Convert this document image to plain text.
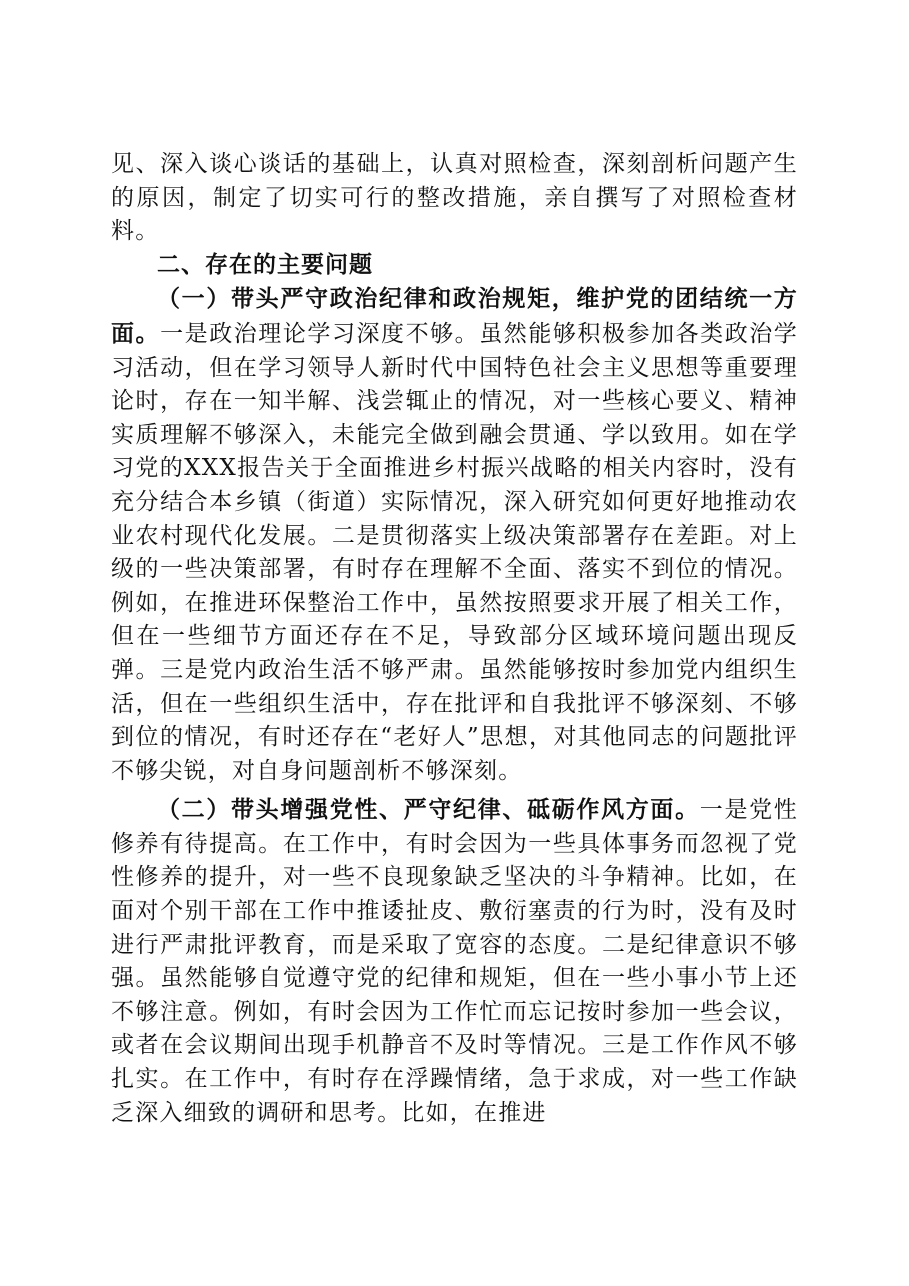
见、深入谈心谈话的基础上，认真对照检查，深刻剖析问题产生的原因，制定了切实可行的整改措施，亲自撰写了对照检查材料。

二、存在的主要问题

（一）带头严守政治纪律和政治规矩，维护党的团结统一方面。一是政治理论学习深度不够。虽然能够积极参加各类政治学习活动，但在学习领导人新时代中国特色社会主义思想等重要理论时，存在一知半解、浅尝辄止的情况，对一些核心要义、精神实质理解不够深入，未能完全做到融会贯通、学以致用。如在学习党的XXX报告关于全面推进乡村振兴战略的相关内容时，没有充分结合本乡镇（街道）实际情况，深入研究如何更好地推动农业农村现代化发展。二是贯彻落实上级决策部署存在差距。对上级的一些决策部署，有时存在理解不全面、落实不到位的情况。例如，在推进环保整治工作中，虽然按照要求开展了相关工作，但在一些细节方面还存在不足，导致部分区域环境问题出现反弹。三是党内政治生活不够严肃。虽然能够按时参加党内组织生活，但在一些组织生活中，存在批评和自我批评不够深刻、不够到位的情况，有时还存在“老好人”思想，对其他同志的问题批评不够尖锐，对自身问题剖析不够深刻。

（二）带头增强党性、严守纪律、砥砺作风方面。一是党性修养有待提高。在工作中，有时会因为一些具体事务而忽视了党性修养的提升，对一些不良现象缺乏坚决的斗争精神。比如，在面对个别干部在工作中推诿扯皮、敷衍塞责的行为时，没有及时进行严肃批评教育，而是采取了宽容的态度。二是纪律意识不够强。虽然能够自觉遵守党的纪律和规矩，但在一些小事小节上还不够注意。例如，有时会因为工作忙而忘记按时参加一些会议，或者在会议期间出现手机静音不及时等情况。三是工作作风不够扎实。在工作中，有时存在浮躁情绪，急于求成，对一些工作缺乏深入细致的调研和思考。比如，在推进
